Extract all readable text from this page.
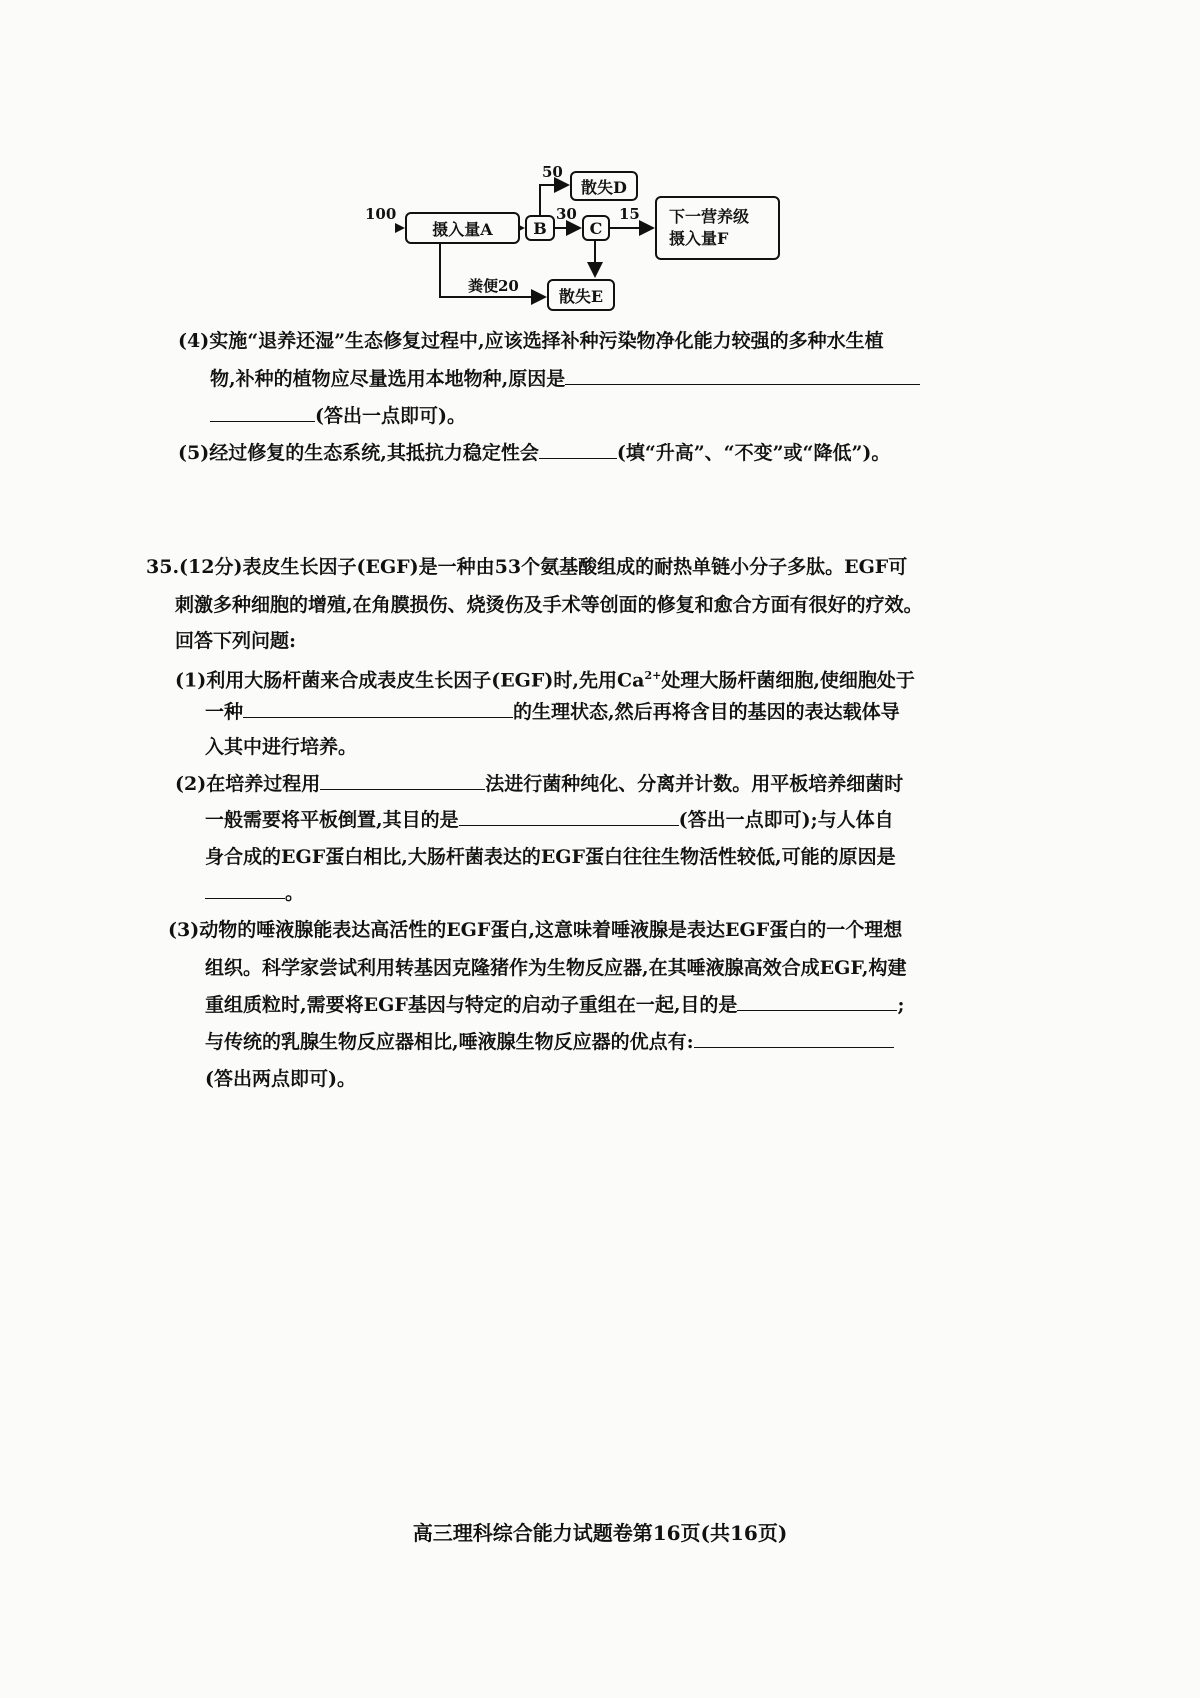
100
摄入量A	B
50
散失D
30
C
15 下一营养级
摄入量F
粪便20
散失E
(4)实施“退养还湿”生态修复过程中,应该选择补种污染物净化能力较强的多种水生植
物,补种的植物应尽量选用本地物种,原因是
(答出一点即可)。
(5)经过修复的生态系统,其抵抗力稳定性会	(填“升高”、“不变”或“降低”)。
35.(12分)表皮生长因子(EGF)是一种由53个氨基酸组成的耐热单链小分子多肽。EGF可
刺激多种细胞的增殖,在角膜损伤、烧烫伤及手术等创面的修复和愈合方面有很好的疗效。
回答下列问题:
(1)利用大肠杆菌来合成表皮生长因子(EGF)时,先用$Ca^{2+}$处理大肠杆菌细胞,使细胞处于
一种	的生理状态,然后再将含目的基因的表达载体导
入其中进行培养。
(2)在培养过程用	法进行菌种纯化、分离并计数。用平板培养细菌时
一般需要将平板倒置,其目的是	(答出一点即可);与人体自
身合成的EGF蛋白相比,大肠杆菌表达的EGF蛋白往往生物活性较低,可能的原因是
。
(3)动物的唾液腺能表达高活性的EGF蛋白,这意味着唾液腺是表达EGF蛋白的一个理想
组织。科学家尝试利用转基因克隆猪作为生物反应器,在其唾液腺高效合成EGF,构建
重组质粒时,需要将EGF基因与特定的启动子重组在一起,目的是	;
与传统的乳腺生物反应器相比,唾液腺生物反应器的优点有:
(答出两点即可)。
高三理科综合能力试题卷第16页(共16页)
